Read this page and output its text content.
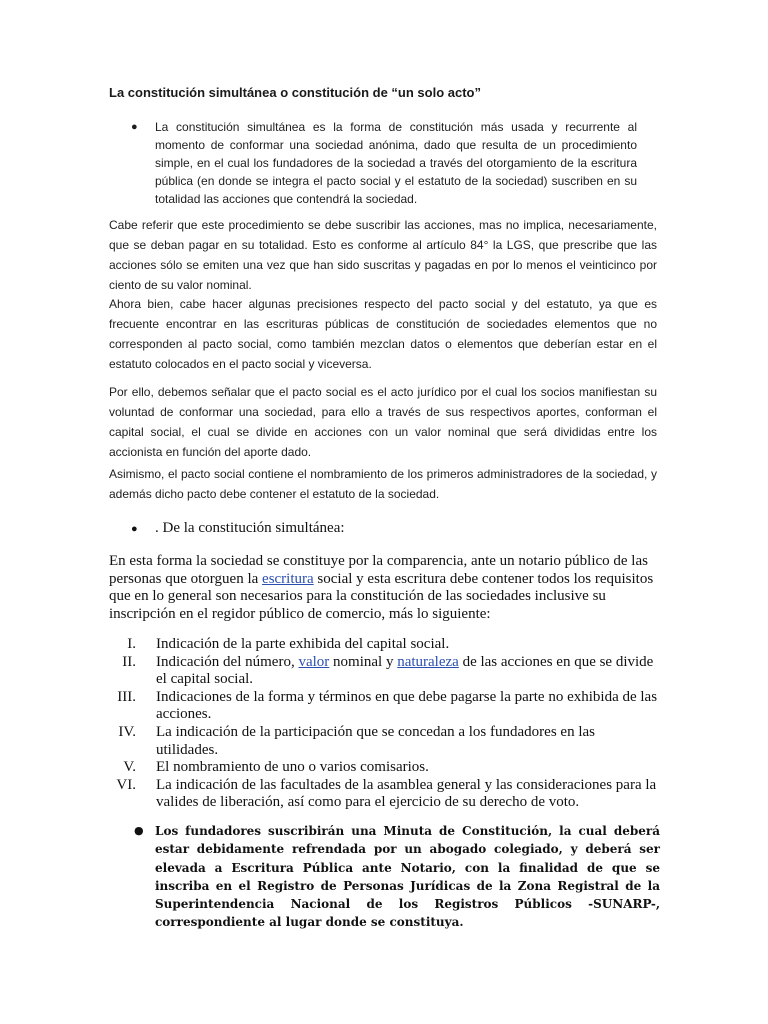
La constitución simultánea o constitución de “un solo acto”
● La constitución simultánea es la forma de constitución más usada y recurrente al momento de conformar una sociedad anónima, dado que resulta de un procedimiento simple, en el cual los fundadores de la sociedad a través del otorgamiento de la escritura pública (en donde se integra el pacto social y el estatuto de la sociedad) suscriben en su totalidad las acciones que contendrá la sociedad.
Cabe referir que este procedimiento se debe suscribir las acciones, mas no implica, necesariamente, que se deban pagar en su totalidad. Esto es conforme al artículo 84° la LGS, que prescribe que las acciones sólo se emiten una vez que han sido suscritas y pagadas en por lo menos el veinticinco por ciento de su valor nominal.
Ahora bien, cabe hacer algunas precisiones respecto del pacto social y del estatuto, ya que es frecuente encontrar en las escrituras públicas de constitución de sociedades elementos que no corresponden al pacto social, como también mezclan datos o elementos que deberían estar en el estatuto colocados en el pacto social y viceversa.
Por ello, debemos señalar que el pacto social es el acto jurídico por el cual los socios manifiestan su voluntad de conformar una sociedad, para ello a través de sus respectivos aportes, conforman el capital social, el cual se divide en acciones con un valor nominal que será divididas entre los accionista en función del aporte dado.
Asimismo, el pacto social contiene el nombramiento de los primeros administradores de la sociedad, y además dicho pacto debe contener el estatuto de la sociedad.
● . De la constitución simultánea:

En esta forma la sociedad se constituye por la comparencia, ante un notario público de las personas que otorguen la escritura social y esta escritura debe contener todos los requisitos que en lo general son necesarios para la constitución de las sociedades inclusive su inscripción en el regidor público de comercio, más lo siguiente:

I. Indicación de la parte exhibida del capital social.
II. Indicación del número, valor nominal y naturaleza de las acciones en que se divide el capital social.
III. Indicaciones de la forma y términos en que debe pagarse la parte no exhibida de las acciones.
IV. La indicación de la participación que se concedan a los fundadores en las utilidades.
V. El nombramiento de uno o varios comisarios.
VI. La indicación de las facultades de la asamblea general y las consideraciones para la valides de liberación, así como para el ejercicio de su derecho de voto.
● Los fundadores suscribirán una Minuta de Constitución, la cual deberá estar debidamente refrendada por un abogado colegiado, y deberá ser elevada a Escritura Pública ante Notario, con la finalidad de que se inscriba en el Registro de Personas Jurídicas de la Zona Registral de la Superintendencia Nacional de los Registros Públicos -SUNARP-, correspondiente al lugar donde se constituya.
